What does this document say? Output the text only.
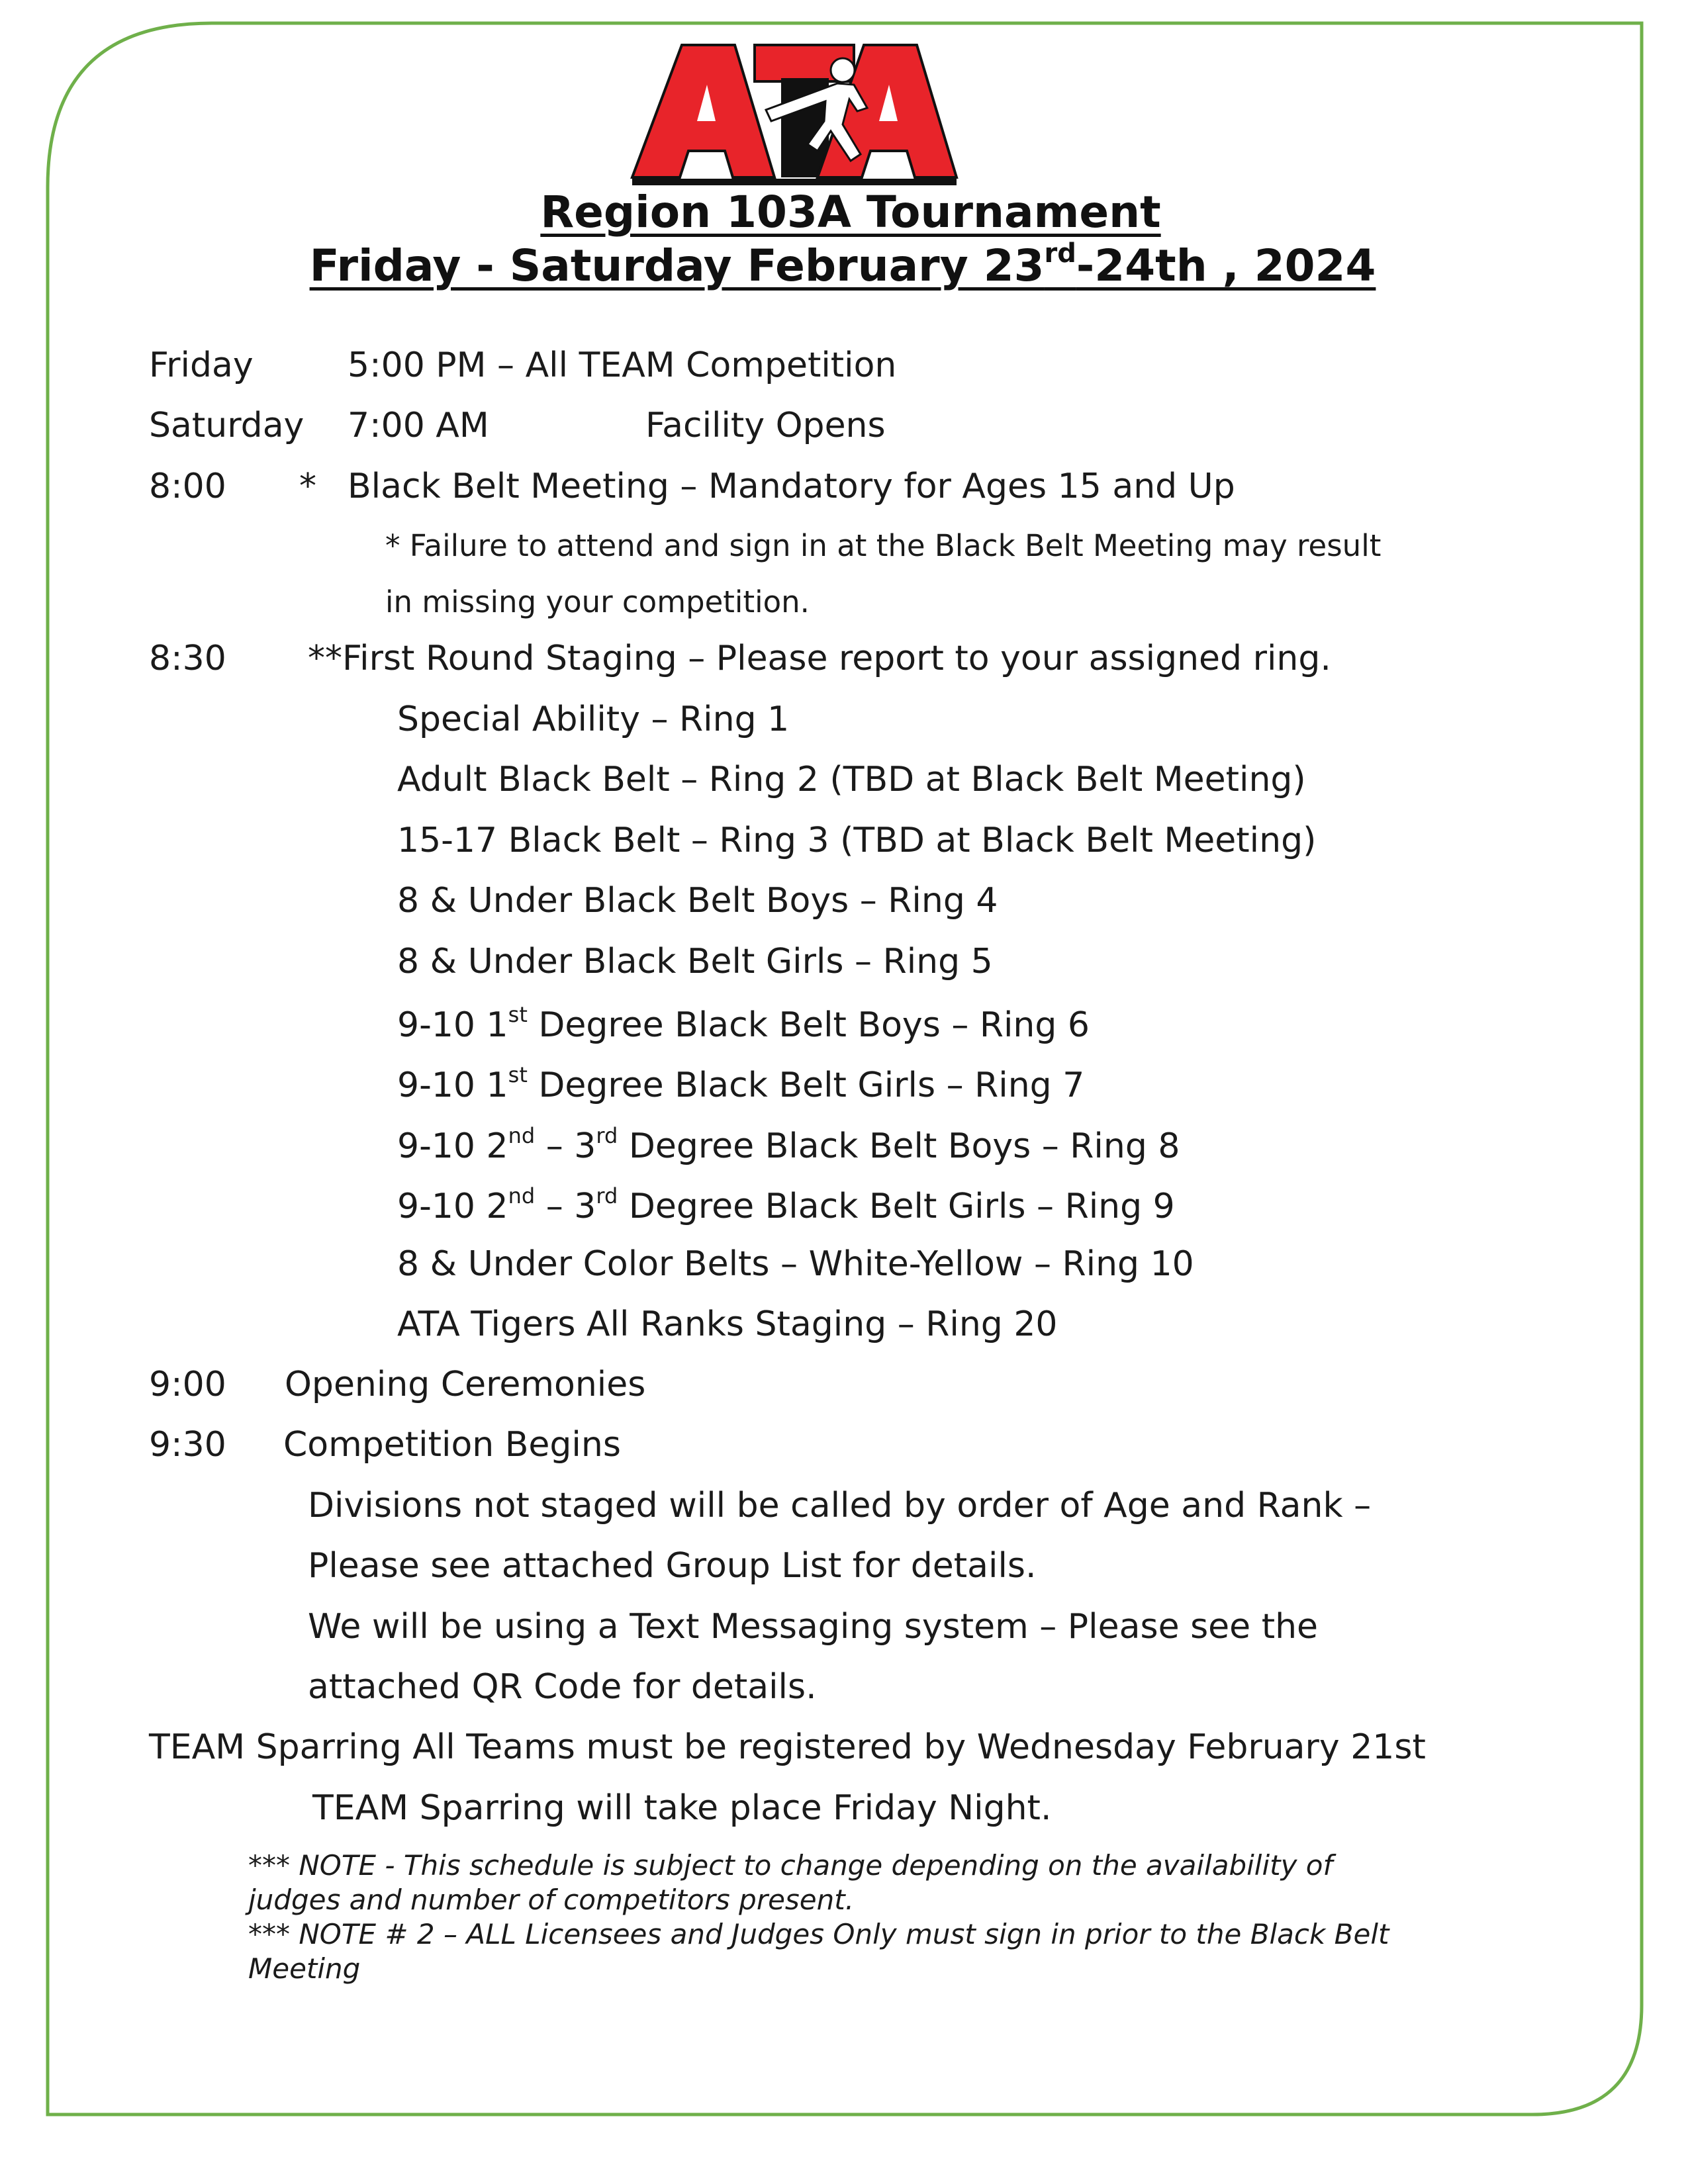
Region 103A Tournament
Friday - Saturday February 23rd-24th , 2024
Friday	5:00 PM – All TEAM Competition
Saturday 7:00 AM	Facility Opens
8:00 * Black Belt Meeting – Mandatory for Ages 15 and Up
* Failure to attend and sign in at the Black Belt Meeting may result
in missing your competition.
8:30 **First Round Staging – Please report to your assigned ring.
Special Ability – Ring 1
Adult Black Belt – Ring 2 (TBD at Black Belt Meeting)
15-17 Black Belt – Ring 3 (TBD at Black Belt Meeting)
8 & Under Black Belt Boys – Ring 4
8 & Under Black Belt Girls – Ring 5
9-10 1st Degree Black Belt Boys – Ring 6
9-10 1st Degree Black Belt Girls – Ring 7
9-10 2nd – 3rd Degree Black Belt Boys – Ring 8
9-10 2nd – 3rd Degree Black Belt Girls – Ring 9
8 & Under Color Belts – White-Yellow – Ring 10
ATA Tigers All Ranks Staging – Ring 20
9:00 Opening Ceremonies
9:30 Competition Begins
Divisions not staged will be called by order of Age and Rank –
Please see attached Group List for details.
We will be using a Text Messaging system – Please see the
attached QR Code for details.
TEAM Sparring All Teams must be registered by Wednesday February 21st
TEAM Sparring will take place Friday Night.
*** NOTE - This schedule is subject to change depending on the availability of
judges and number of competitors present.
*** NOTE # 2 – ALL Licensees and Judges Only must sign in prior to the Black Belt
Meeting
